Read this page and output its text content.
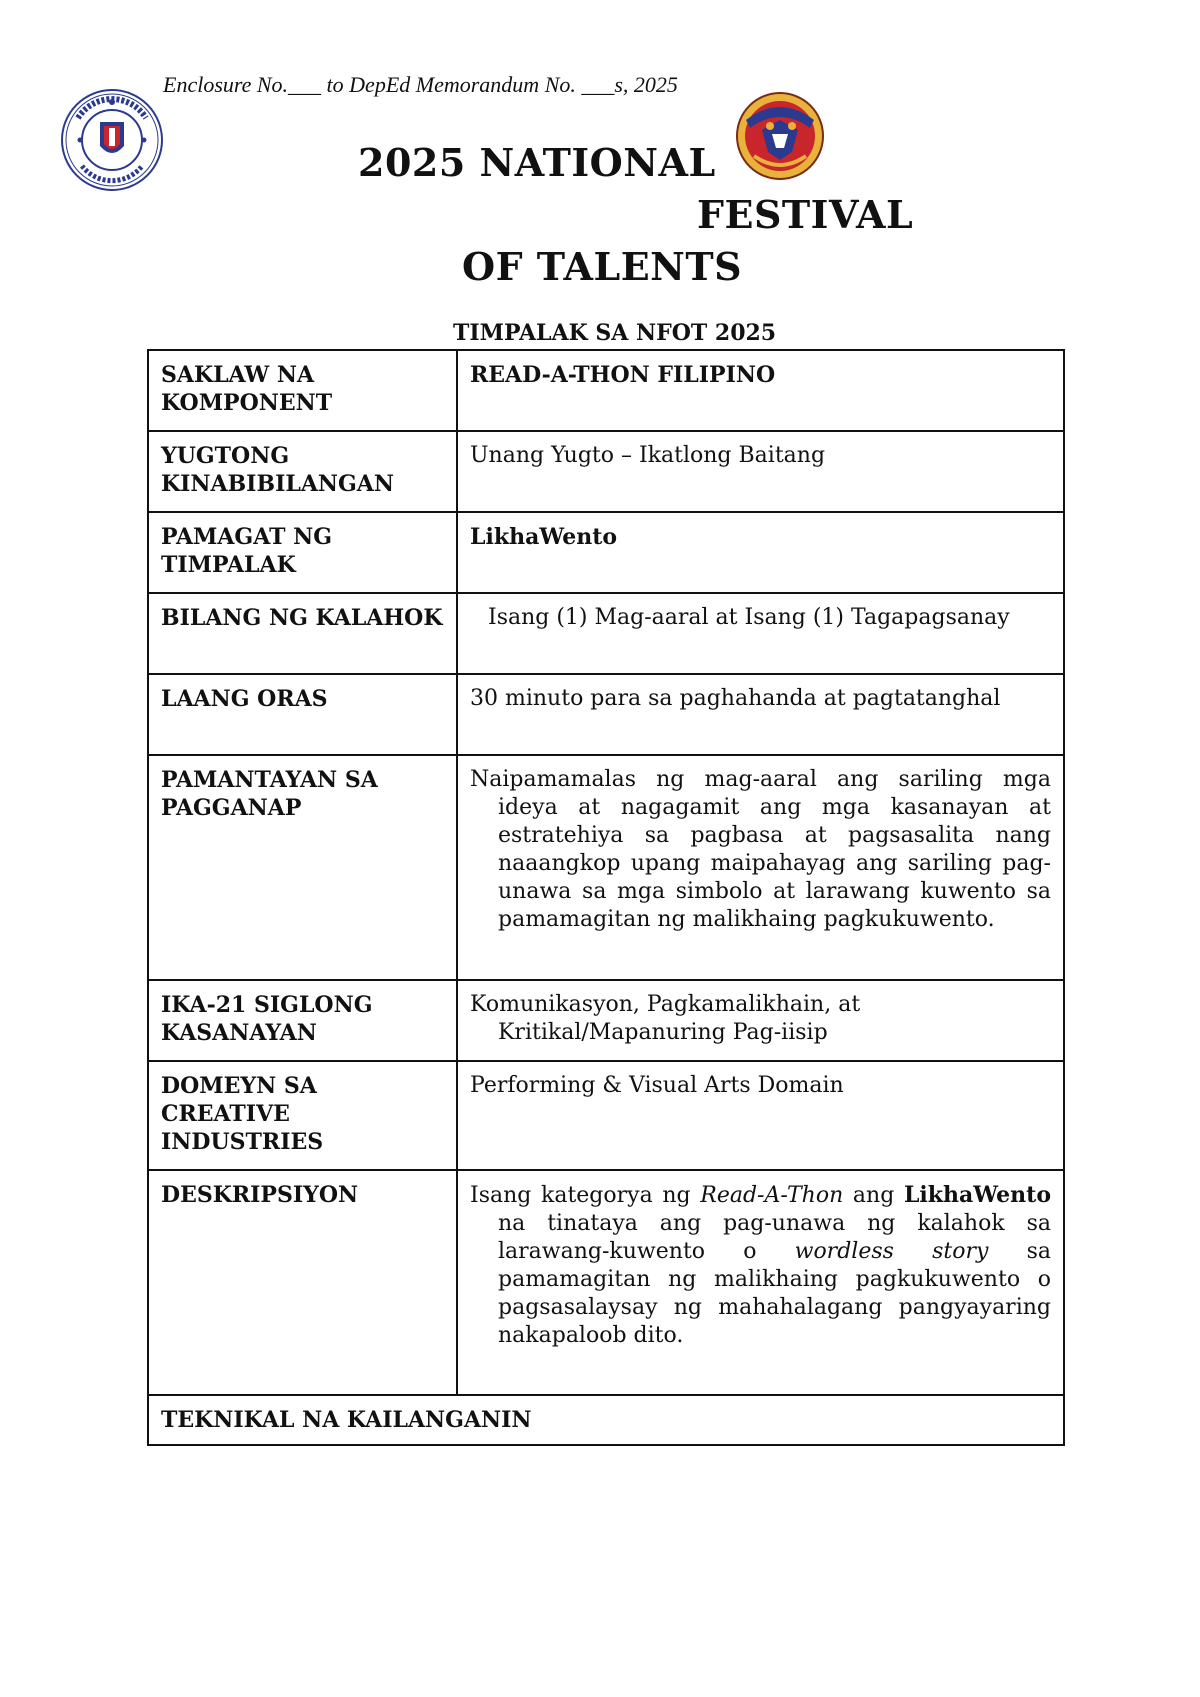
Enclosure No.___ to DepEd Memorandum No. ___s, 2025
2025 NATIONAL
FESTIVAL
OF TALENTS
TIMPALAK SA NFOT 2025
SAKLAW NA KOMPONENT	READ-A-THON FILIPINO

YUGTONG KINABIBILANGAN	Unang Yugto – Ikatlong Baitang

PAMAGAT NG TIMPALAK	LikhaWento

BILANG NG KALAHOK	Isang (1) Mag-aaral at Isang (1) Tagapagsanay

LAANG ORAS	30 minuto para sa paghahanda at pagtatanghal

PAMANTAYAN SA PAGGANAP	Naipamamalas ng mag-aaral ang sariling mga ideya at nagagamit ang mga kasanayan at estratehiya sa pagbasa at pagsasalita nang naaangkop upang maipahayag ang sariling pag-unawa sa mga simbolo at larawang kuwento sa pamamagitan ng malikhaing pagkukuwento.

IKA-21 SIGLONG KASANAYAN	Komunikasyon, Pagkamalikhain, at Kritikal/Mapanuring Pag-iisip

DOMEYN SA CREATIVE INDUSTRIES	Performing & Visual Arts Domain

DESKRIPSIYON	Isang kategorya ng Read-A-Thon ang LikhaWento na tinataya ang pag-unawa ng kalahok sa larawang-kuwento o wordless story sa pamamagitan ng malikhaing pagkukuwento o pagsasalaysay ng mahahalagang pangyayaring nakapaloob dito.

TEKNIKAL NA KAILANGANIN	
